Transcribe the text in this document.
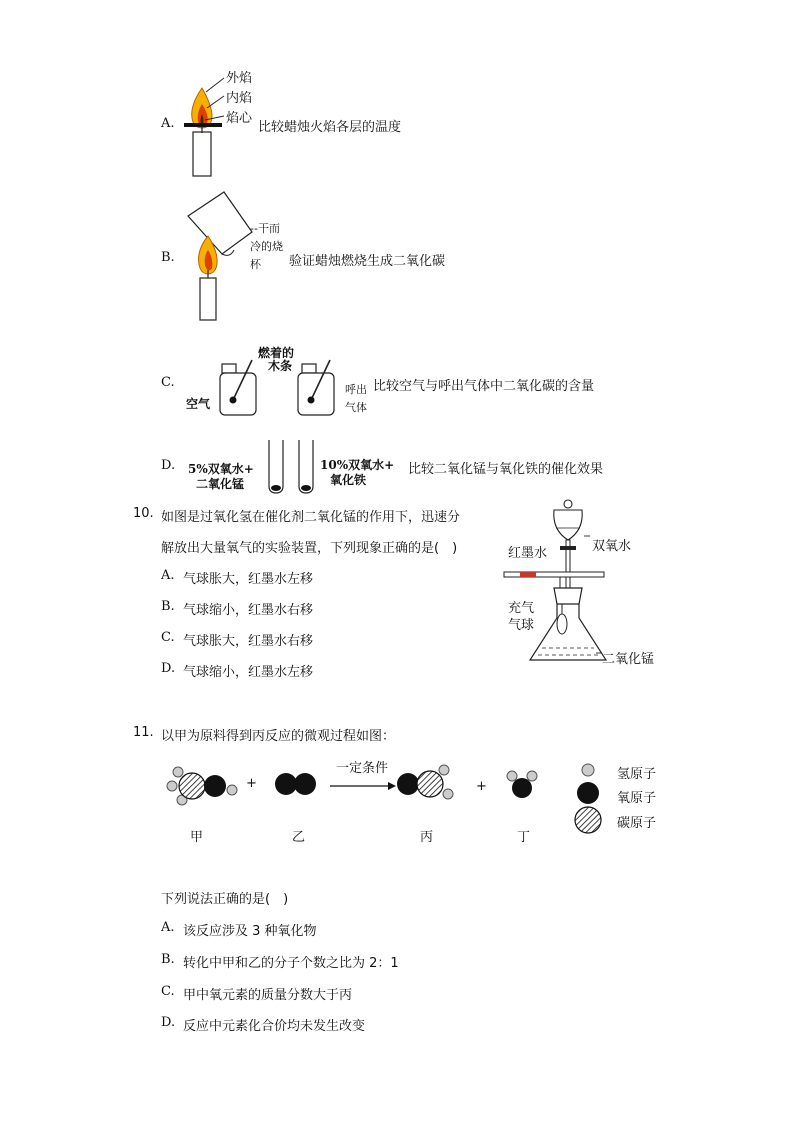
A.
外焰
内焰
焰心
比较蜡烛火焰各层的温度
B.
--干而
冷的烧
杯 验证蜡烛燃烧生成二氧化碳
C.
燃着的
木条
空气
呼出
气体
比较空气与呼出气体中二氧化碳的含量
D. 5%双氧水+
二氧化锰
10%双氧水+
氧化铁
比较二氧化锰与氧化铁的催化效果
10. 如图是过氧化氢在催化剂二氧化锰的作用下，迅速分
解放出大量氧气的实验装置，下列现象正确的是(　)
A. 气球胀大，红墨水左移
B. 气球缩小，红墨水右移
C. 气球胀大，红墨水右移
D. 气球缩小，红墨水左移
红墨水	双氧水
充气
气球
二氧化锰
11. 以甲为原料得到丙反应的微观过程如图：
+	+
一定条件
甲	乙	丙	丁
氢原子
氧原子
碳原子
下列说法正确的是(　)
A. 该反应涉及 3 种氧化物
B. 转化中甲和乙的分子个数之比为 2：1
C. 甲中氧元素的质量分数大于丙
D. 反应中元素化合价均未发生改变
